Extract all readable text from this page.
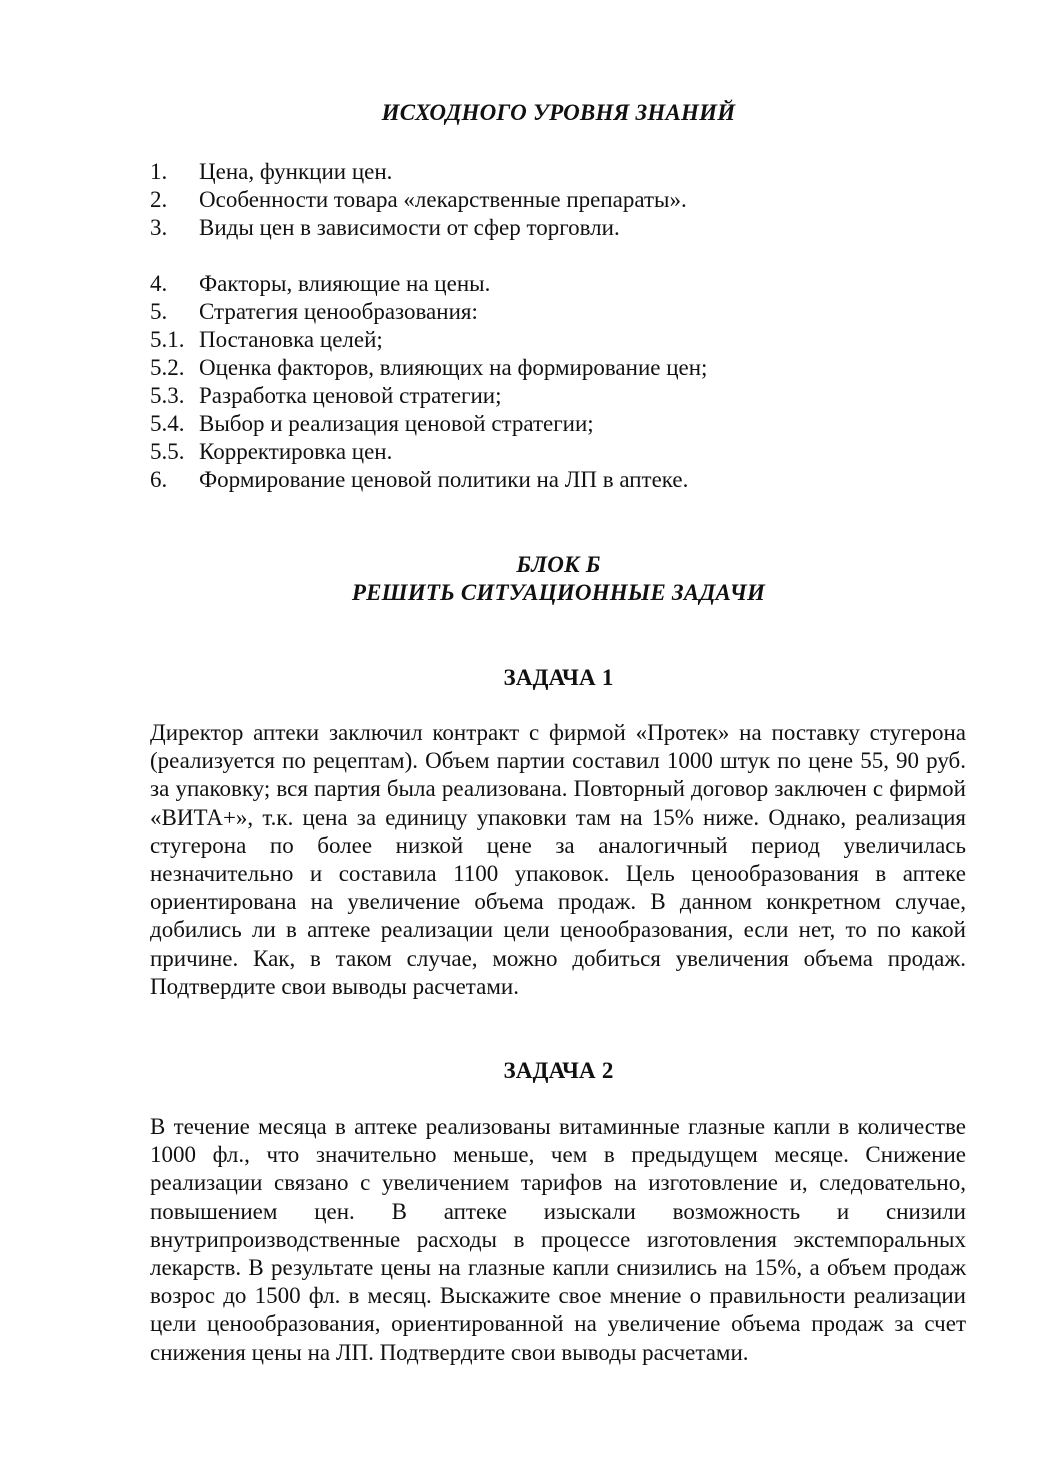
ИСХОДНОГО УРОВНЯ ЗНАНИЙ
1.	Цена, функции цен.
2.	Особенности товара «лекарственные препараты».
3.	Виды цен в зависимости от сфер торговли.
4.	Факторы, влияющие на цены.
5.	Стратегия ценообразования:
5.1. Постановка целей;
5.2. Оценка факторов, влияющих на формирование цен;
5.3. Разработка ценовой стратегии;
5.4. Выбор и реализация ценовой стратегии;
5.5. Корректировка цен.
6.	Формирование ценовой политики на ЛП в аптеке.
БЛОК Б
РЕШИТЬ СИТУАЦИОННЫЕ ЗАДАЧИ
ЗАДАЧА 1

Директор аптеки заключил контракт с фирмой «Протек» на поставку стугерона (реализуется по рецептам). Объем партии составил 1000 штук по цене 55, 90 руб. за упаковку; вся партия была реализована. Повторный договор заключен с фирмой «ВИТА+», т.к. цена за единицу упаковки там на 15% ниже. Однако, реализация стугерона по более низкой цене за аналогичный период увеличилась незначительно и составила 1100 упаковок. Цель ценообразования в аптеке ориентирована на увеличение объема продаж. В данном конкретном случае, добились ли в аптеке реализации цели ценообразования, если нет, то по какой причине. Как, в таком случае, можно добиться увеличения объема продаж. Подтвердите свои выводы расчетами.

ЗАДАЧА 2

В течение месяца в аптеке реализованы витаминные глазные капли в количестве 1000 фл., что значительно меньше, чем в предыдущем месяце. Снижение реализации связано с увеличением тарифов на изготовление и, следовательно, повышением цен. В аптеке изыскали возможность и снизили внутрипроизводственные расходы в процессе изготовления экстемпоральных лекарств. В результате цены на глазные капли снизились на 15%, а объем продаж возрос до 1500 фл. в месяц. Выскажите свое мнение о правильности реализации цели ценообразования, ориентированной на увеличение объема продаж за счет снижения цены на ЛП. Подтвердите свои выводы расчетами.
